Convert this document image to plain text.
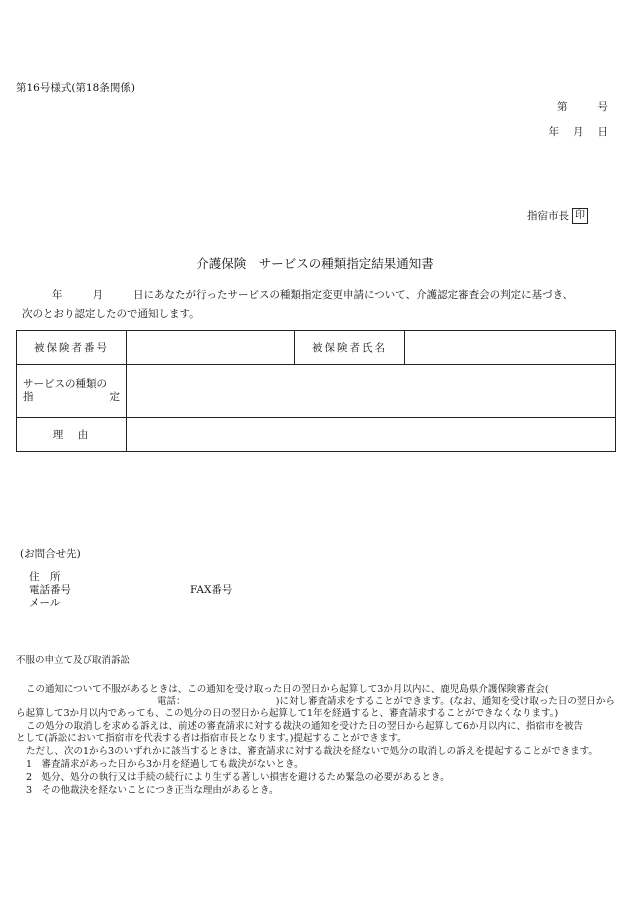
第16号様式(第18条関係)
第	号
年 月 日
指宿市長 印
介護保険　サービスの種類指定結果通知書
年	月	日にあなたが行ったサービスの種類指定変更申請について、介護認定審査会の判定に基づき、
次のとおり認定したので通知します。
被保険者番号		被保険者氏名	

サービスの種類の
指 定			

理　由			
(お問合せ先)
住　所
電話番号	FAX番号
メール
不服の申立て及び取消訴訟
この通知について不服があるときは、この通知を受け取った日の翌日から起算して3か月以内に、鹿児島県介護保険審査会(
電話：　　　　　　　　　　)に対し審査請求をすることができます。(なお、通知を受け取った日の翌日から
ら起算して3か月以内であっても、この処分の日の翌日から起算して1年を経過すると、審査請求することができなくなります。)
この処分の取消しを求める訴えは、前述の審査請求に対する裁決の通知を受けた日の翌日から起算して6か月以内に、指宿市を被告
として(訴訟において指宿市を代表する者は指宿市長となります。)提起することができます。
ただし、次の1から3のいずれかに該当するときは、審査請求に対する裁決を経ないで処分の取消しの訴えを提起することができます。
1　審査請求があった日から3か月を経過しても裁決がないとき。
2　処分、処分の執行又は手続の続行により生ずる著しい損害を避けるため緊急の必要があるとき。
3　その他裁決を経ないことにつき正当な理由があるとき。
